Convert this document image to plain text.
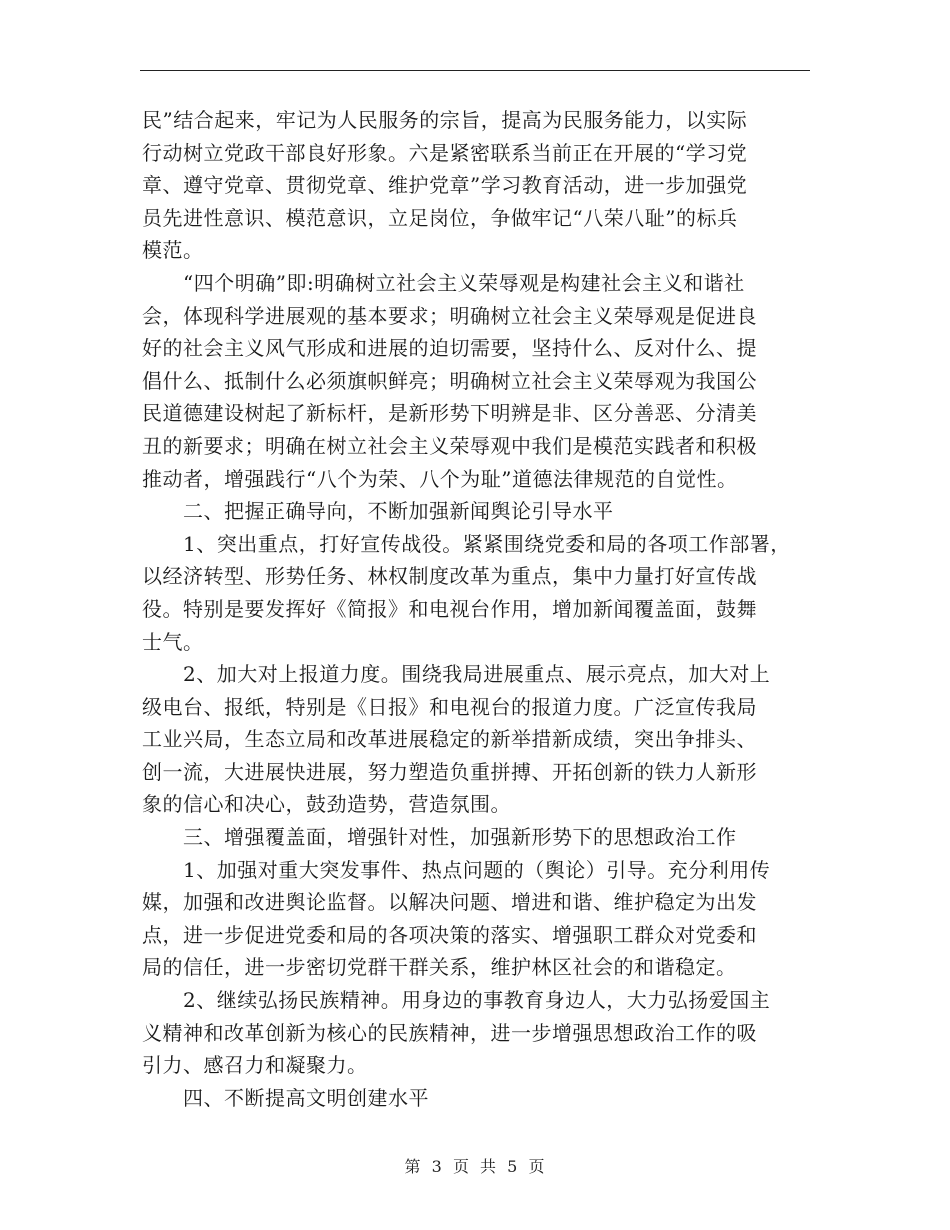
民”结合起来，牢记为人民服务的宗旨，提高为民服务能力，以实际
行动树立党政干部良好形象。六是紧密联系当前正在开展的“学习党
章、遵守党章、贯彻党章、维护党章”学习教育活动，进一步加强党
员先进性意识、模范意识，立足岗位，争做牢记“八荣八耻”的标兵
模范。
　　“四个明确”即:明确树立社会主义荣辱观是构建社会主义和谐社
会，体现科学进展观的基本要求；明确树立社会主义荣辱观是促进良
好的社会主义风气形成和进展的迫切需要，坚持什么、反对什么、提
倡什么、抵制什么必须旗帜鲜亮；明确树立社会主义荣辱观为我国公
民道德建设树起了新标杆，是新形势下明辨是非、区分善恶、分清美
丑的新要求；明确在树立社会主义荣辱观中我们是模范实践者和积极
推动者，增强践行“八个为荣、八个为耻”道德法律规范的自觉性。
　　二、把握正确导向，不断加强新闻舆论引导水平
　　1、突出重点，打好宣传战役。紧紧围绕党委和局的各项工作部署，
以经济转型、形势任务、林权制度改革为重点，集中力量打好宣传战
役。特别是要发挥好《简报》和电视台作用，增加新闻覆盖面，鼓舞
士气。
　　2、加大对上报道力度。围绕我局进展重点、展示亮点，加大对上
级电台、报纸，特别是《日报》和电视台的报道力度。广泛宣传我局
工业兴局，生态立局和改革进展稳定的新举措新成绩，突出争排头、
创一流，大进展快进展，努力塑造负重拼搏、开拓创新的铁力人新形
象的信心和决心，鼓劲造势，营造氛围。
　　三、增强覆盖面，增强针对性，加强新形势下的思想政治工作
　　1、加强对重大突发事件、热点问题的（舆论）引导。充分利用传
媒，加强和改进舆论监督。以解决问题、增进和谐、维护稳定为出发
点，进一步促进党委和局的各项决策的落实、增强职工群众对党委和
局的信任，进一步密切党群干群关系，维护林区社会的和谐稳定。
　　2、继续弘扬民族精神。用身边的事教育身边人，大力弘扬爱国主
义精神和改革创新为核心的民族精神，进一步增强思想政治工作的吸
引力、感召力和凝聚力。
　　四、不断提高文明创建水平
第 3 页 共 5 页
